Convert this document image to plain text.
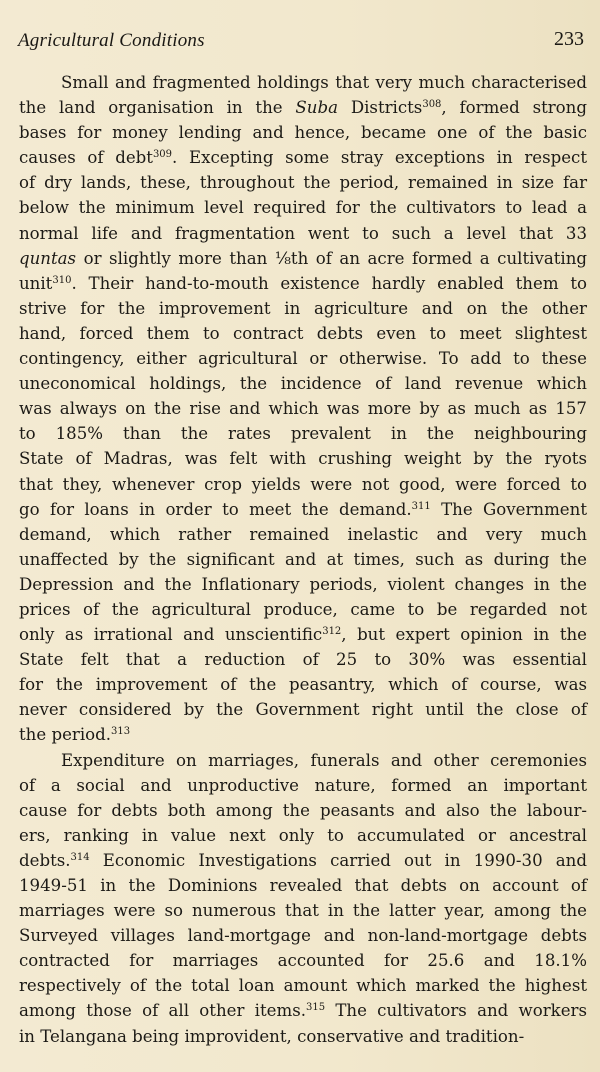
Agricultural Conditions	233
Small and fragmented holdings that very much characterised
the land organisation in the Suba Districts$^{308}$, formed strong
bases for money lending and hence, became one of the basic
causes of debt$^{309}$. Excepting some stray exceptions in respect
of dry lands, these, throughout the period, remained in size far
below the minimum level required for the cultivators to lead a
normal life and fragmentation went to such a level that 33
quntas or slightly more than ⅛th of an acre formed a cultivating
unit$^{310}$. Their hand-to-mouth existence hardly enabled them to
strive for the improvement in agriculture and on the other
hand, forced them to contract debts even to meet slightest
contingency, either agricultural or otherwise. To add to these
uneconomical holdings, the incidence of land revenue which
was always on the rise and which was more by as much as 157
to 185% than the rates prevalent in the neighbouring
State of Madras, was felt with crushing weight by the ryots
that they, whenever crop yields were not good, were forced to
go for loans in order to meet the demand.$^{311}$ The Government
demand, which rather remained inelastic and very much
unaffected by the significant and at times, such as during the
Depression and the Inflationary periods, violent changes in the
prices of the agricultural produce, came to be regarded not
only as irrational and unscientific$^{312}$, but expert opinion in the
State felt that a reduction of 25 to 30% was essential
for the improvement of the peasantry, which of course, was
never considered by the Government right until the close of
the period.$^{313}$
Expenditure on marriages, funerals and other ceremonies
of a social and unproductive nature, formed an important
cause for debts both among the peasants and also the labour-
ers, ranking in value next only to accumulated or ancestral
debts.$^{314}$ Economic Investigations carried out in 1990-30 and
1949-51 in the Dominions revealed that debts on account of
marriages were so numerous that in the latter year, among the
Surveyed villages land-mortgage and non-land-mortgage debts
contracted for marriages accounted for 25.6 and 18.1%
respectively of the total loan amount which marked the highest
among those of all other items.$^{315}$ The cultivators and workers
in Telangana being improvident, conservative and tradition-
